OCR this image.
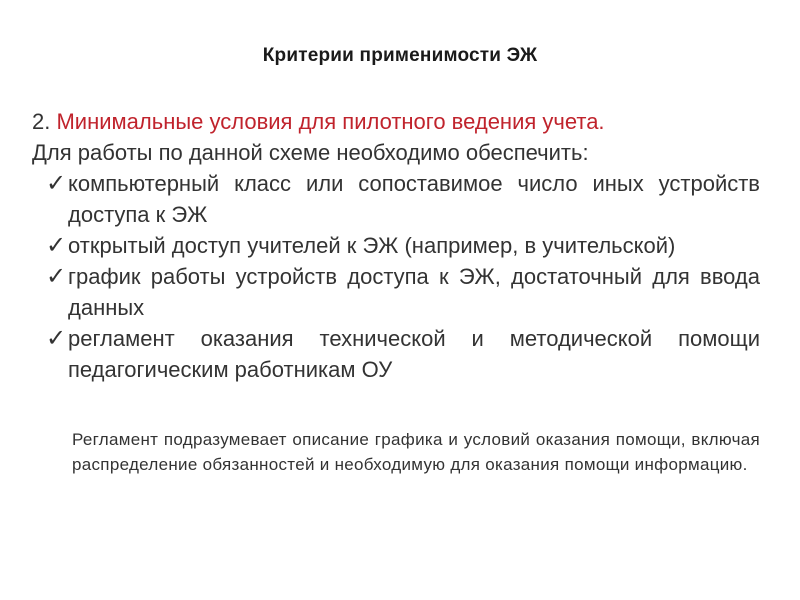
Критерии применимости ЭЖ
2. Минимальные условия для пилотного ведения учета.
Для работы по данной схеме необходимо обеспечить:
✓ компьютерный класс или сопоставимое число иных устройств доступа к ЭЖ
✓ открытый доступ учителей к ЭЖ (например, в учительской)
✓ график работы устройств доступа к ЭЖ, достаточный для ввода данных
✓ регламент оказания технической и методической помощи педагогическим работникам ОУ
Регламент подразумевает описание графика и условий оказания помощи, включая распределение обязанностей и необходимую для оказания помощи информацию.
